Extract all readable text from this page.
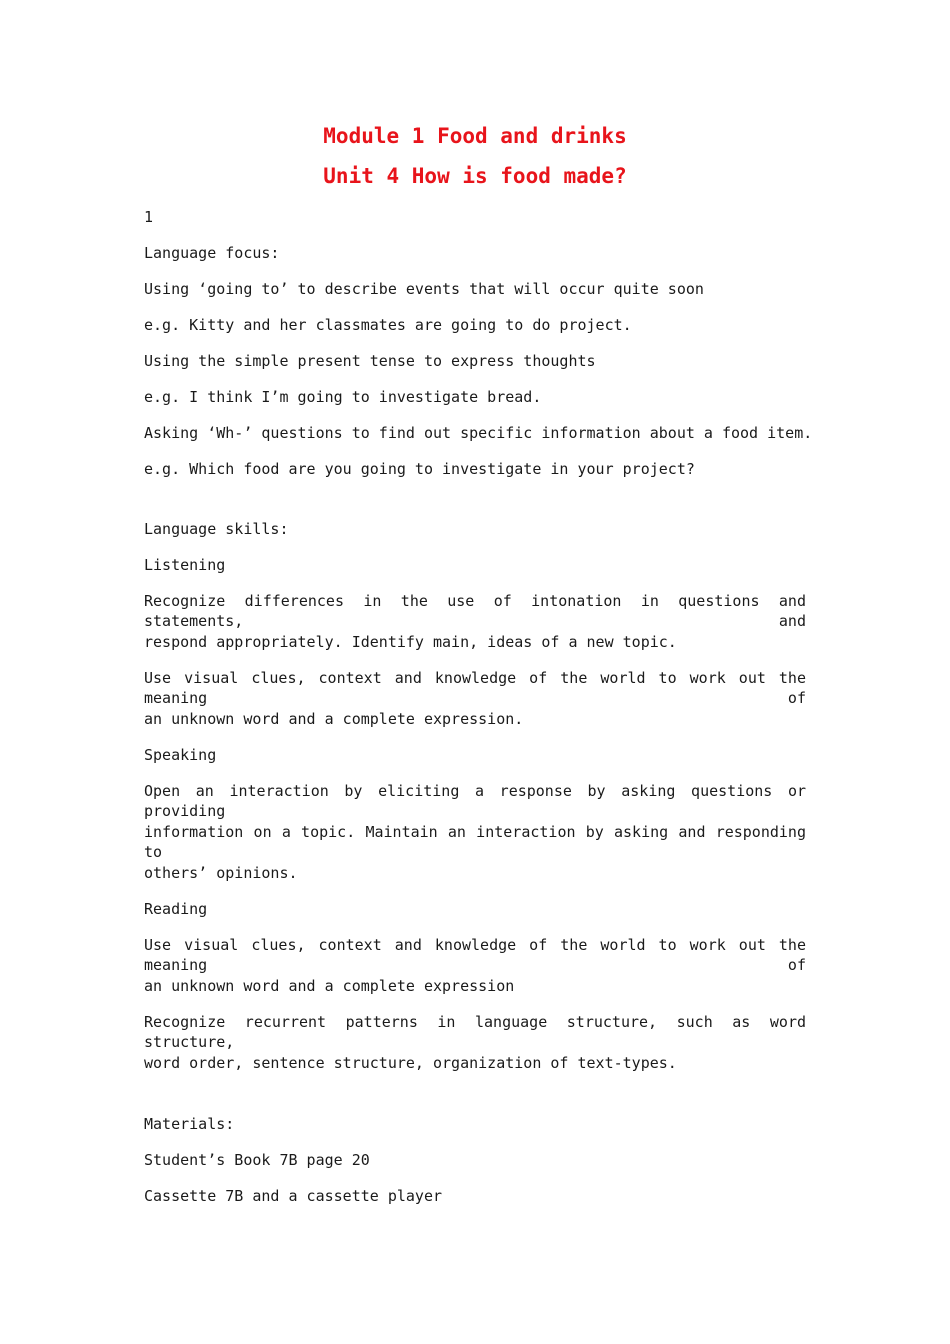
Module 1 Food and drinks
Unit 4 How is food made?
1
Language focus:
Using ‘going to’ to describe events that will occur quite soon
e.g. Kitty and her classmates are going to do project.
Using the simple present tense to express thoughts
e.g. I think I’m going to investigate bread.
Asking ‘Wh-’ questions to find out specific information about a food item.
e.g. Which food are you going to investigate in your project?
Language skills:
Listening
Recognize differences in the use of intonation in questions and statements, and
respond appropriately. Identify main, ideas of a new topic.
Use visual clues, context and knowledge of the world to work out the meaning of
an unknown word and a complete expression.
Speaking
Open an interaction by eliciting a response by asking questions or providing
information on a topic. Maintain an interaction by asking and responding to
others’ opinions.
Reading
Use visual clues, context and knowledge of the world to work out the meaning of
an unknown word and a complete expression
Recognize recurrent patterns in language structure, such as word structure,
word order, sentence structure, organization of text-types.
Materials:
Student’s Book 7B page 20
Cassette 7B and a cassette player
